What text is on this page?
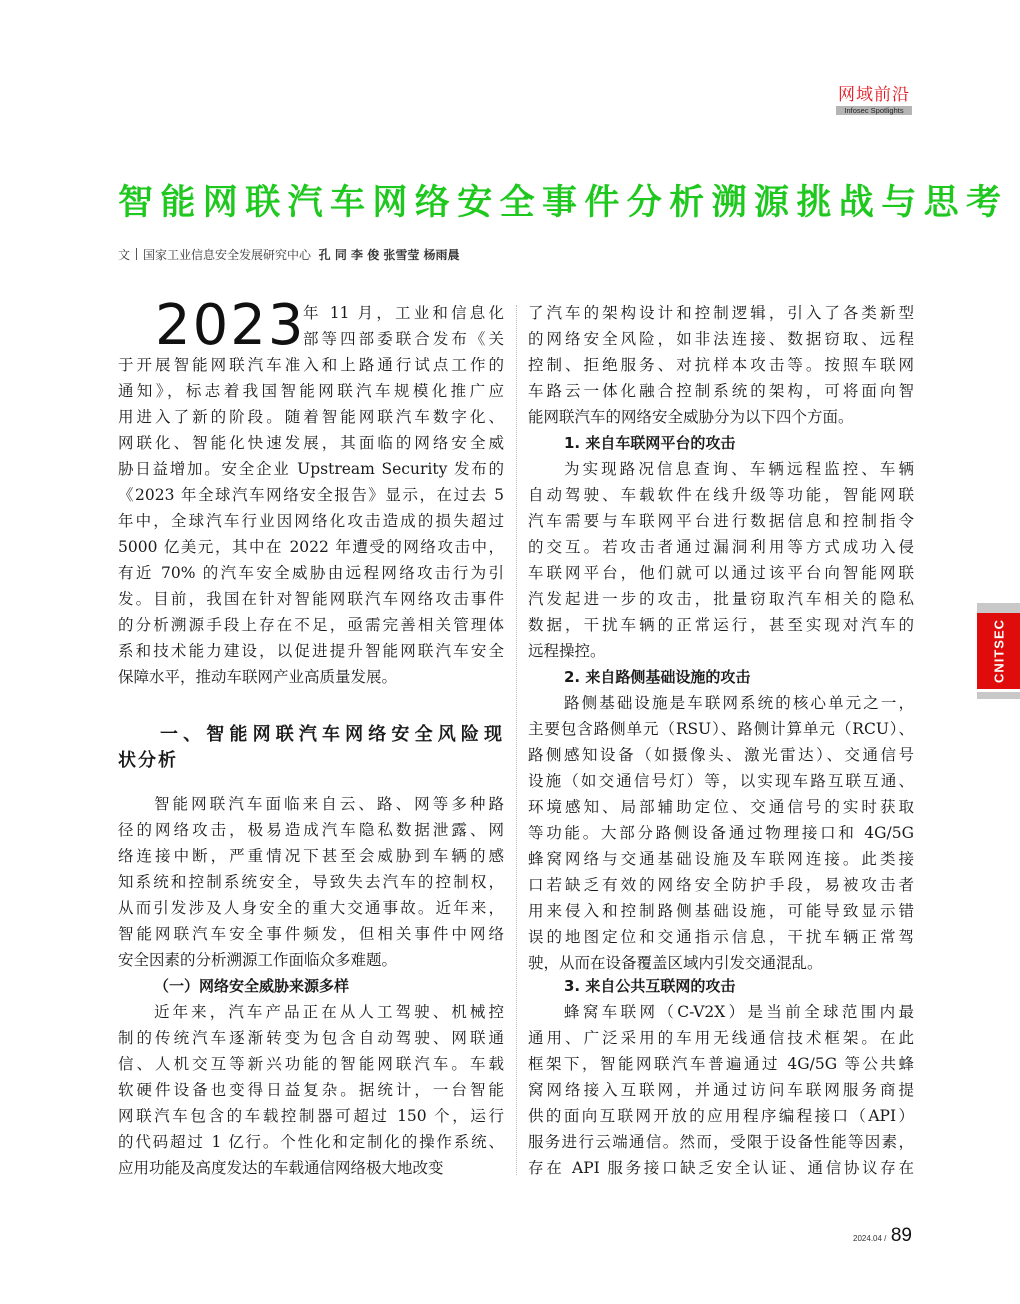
网域前沿
Infosec Spotlights
智能网联汽车网络安全事件分析溯源挑战与思考
文 国家工业信息安全发展研究中心 孔 同 李 俊 张雪莹 杨雨晨
2023
年 11 月，工业和信息化
部等四部委联合发布《关
于开展智能网联汽车准入和上路通行试点工作的
通知》，标志着我国智能网联汽车规模化推广应
用进入了新的阶段。随着智能网联汽车数字化、
网联化、智能化快速发展，其面临的网络安全威
胁日益增加。安全企业 Upstream Security 发布的
《2023 年全球汽车网络安全报告》显示，在过去 5
年中，全球汽车行业因网络化攻击造成的损失超过
5000 亿美元，其中在 2022 年遭受的网络攻击中，
有近 70% 的汽车安全威胁由远程网络攻击行为引
发。目前，我国在针对智能网联汽车网络攻击事件
的分析溯源手段上存在不足，亟需完善相关管理体
系和技术能力建设，以促进提升智能网联汽车安全
保障水平，推动车联网产业高质量发展。
一、智能网联汽车网络安全风险现
状分析
智能网联汽车面临来自云、路、网等多种路
径的网络攻击，极易造成汽车隐私数据泄露、网
络连接中断，严重情况下甚至会威胁到车辆的感
知系统和控制系统安全，导致失去汽车的控制权，
从而引发涉及人身安全的重大交通事故。近年来，
智能网联汽车安全事件频发，但相关事件中网络
安全因素的分析溯源工作面临众多难题。
（一）网络安全威胁来源多样
近年来，汽车产品正在从人工驾驶、机械控
制的传统汽车逐渐转变为包含自动驾驶、网联通
信、人机交互等新兴功能的智能网联汽车。车载
软硬件设备也变得日益复杂。据统计，一台智能
网联汽车包含的车载控制器可超过 150 个，运行
的代码超过 1 亿行。个性化和定制化的操作系统、
应用功能及高度发达的车载通信网络极大地改变
了汽车的架构设计和控制逻辑，引入了各类新型
的网络安全风险，如非法连接、数据窃取、远程
控制、拒绝服务、对抗样本攻击等。按照车联网
车路云一体化融合控制系统的架构，可将面向智
能网联汽车的网络安全威胁分为以下四个方面。
1. 来自车联网平台的攻击
为实现路况信息查询、车辆远程监控、车辆
自动驾驶、车载软件在线升级等功能，智能网联
汽车需要与车联网平台进行数据信息和控制指令
的交互。若攻击者通过漏洞利用等方式成功入侵
车联网平台，他们就可以通过该平台向智能网联
汽发起进一步的攻击，批量窃取汽车相关的隐私
数据，干扰车辆的正常运行，甚至实现对汽车的
远程操控。
2. 来自路侧基础设施的攻击
路侧基础设施是车联网系统的核心单元之一，
主要包含路侧单元（RSU）、路侧计算单元（RCU）、
路侧感知设备（如摄像头、激光雷达）、交通信号
设施（如交通信号灯）等，以实现车路互联互通、
环境感知、局部辅助定位、交通信号的实时获取
等功能。大部分路侧设备通过物理接口和 4G/5G
蜂窝网络与交通基础设施及车联网连接。此类接
口若缺乏有效的网络安全防护手段，易被攻击者
用来侵入和控制路侧基础设施，可能导致显示错
误的地图定位和交通指示信息，干扰车辆正常驾
驶，从而在设备覆盖区域内引发交通混乱。
3. 来自公共互联网的攻击
蜂窝车联网（C-V2X）是当前全球范围内最
通用、广泛采用的车用无线通信技术框架。在此
框架下，智能网联汽车普遍通过 4G/5G 等公共蜂
窝网络接入互联网，并通过访问车联网服务商提
供的面向互联网开放的应用程序编程接口（API）
服务进行云端通信。然而，受限于设备性能等因素，
存在 API 服务接口缺乏安全认证、通信协议存在
CNITSEC
2024.04 / 89
